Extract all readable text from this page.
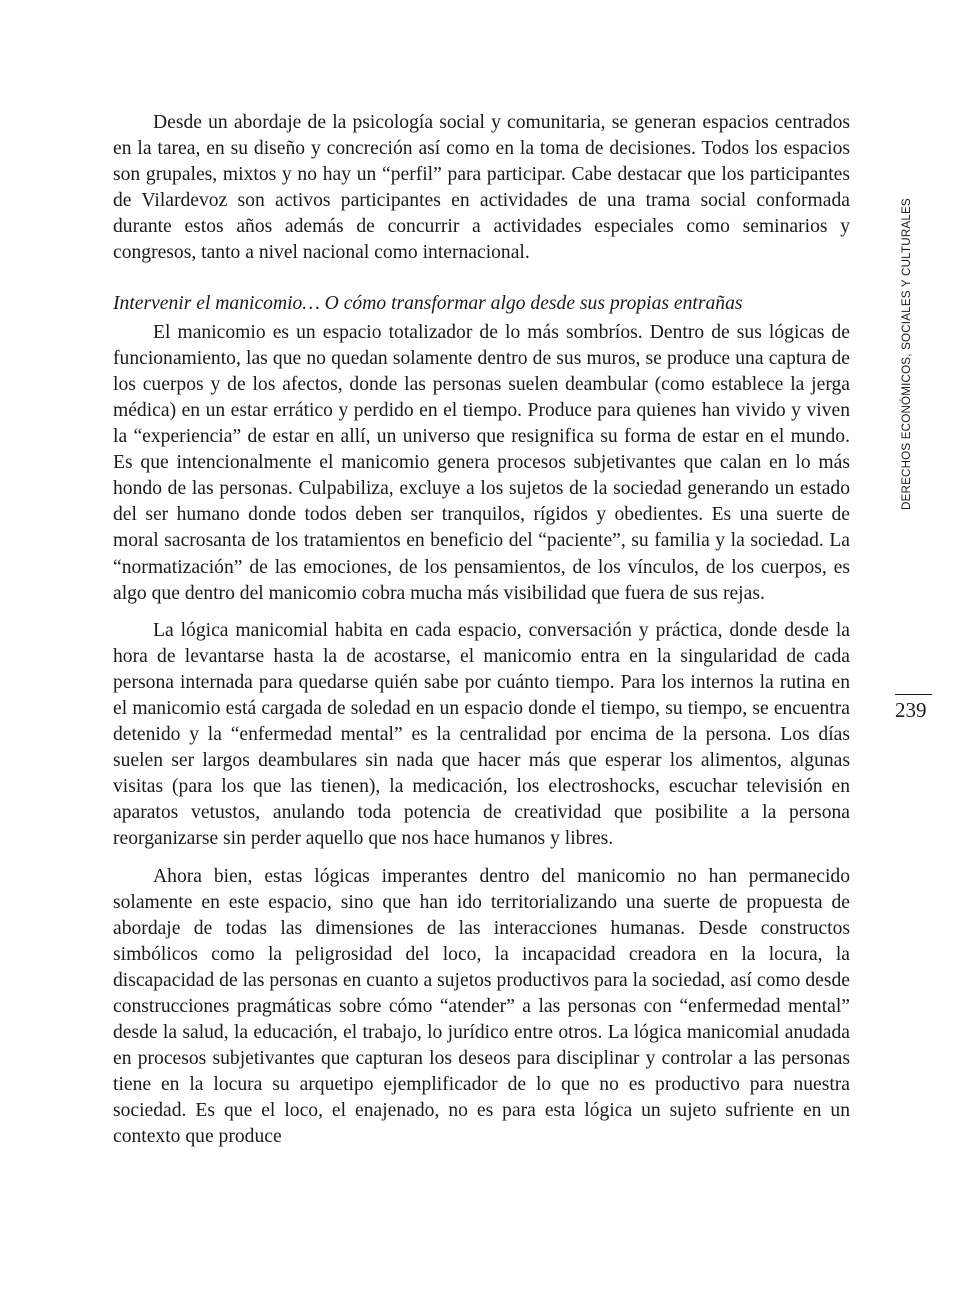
Desde un abordaje de la psicología social y comunitaria, se generan espacios centrados en la tarea, en su diseño y concreción así como en la toma de decisiones. Todos los espacios son grupales, mixtos y no hay un “perfil” para participar. Cabe destacar que los participantes de Vilardevoz son activos participantes en actividades de una trama social conformada durante estos años además de concurrir a actividades especiales como seminarios y congresos, tanto a nivel nacional como internacional.

Intervenir el manicomio… O cómo transformar algo desde sus propias entrañas

El manicomio es un espacio totalizador de lo más sombríos. Dentro de sus lógicas de funcionamiento, las que no quedan solamente dentro de sus muros, se produce una captura de los cuerpos y de los afectos, donde las personas suelen deambular (como establece la jerga médica) en un estar errático y perdido en el tiempo. Produce para quienes han vivido y viven la “experiencia” de estar en allí, un universo que resignifica su forma de estar en el mundo. Es que intencionalmente el manicomio genera procesos subjetivantes que calan en lo más hondo de las personas. Culpabiliza, excluye a los sujetos de la sociedad generando un estado del ser humano donde todos deben ser tranquilos, rígidos y obedientes. Es una suerte de moral sacrosanta de los tratamientos en beneficio del “paciente”, su familia y la sociedad. La “normatización” de las emociones, de los pensamientos, de los vínculos, de los cuerpos, es algo que dentro del manicomio cobra mucha más visibilidad que fuera de sus rejas.

La lógica manicomial habita en cada espacio, conversación y práctica, donde desde la hora de levantarse hasta la de acostarse, el manicomio entra en la singularidad de cada persona internada para quedarse quién sabe por cuánto tiempo. Para los internos la rutina en el manicomio está cargada de soledad en un espacio donde el tiempo, su tiempo, se encuentra detenido y la “enfermedad mental” es la centralidad por encima de la persona. Los días suelen ser largos deambulares sin nada que hacer más que esperar los alimentos, algunas visitas (para los que las tienen), la medicación, los electroshocks, escuchar televisión en aparatos vetustos, anulando toda potencia de creatividad que posibilite a la persona reorganizarse sin perder aquello que nos hace humanos y libres.

Ahora bien, estas lógicas imperantes dentro del manicomio no han permanecido solamente en este espacio, sino que han ido territorializando una suerte de propuesta de abordaje de todas las dimensiones de las interacciones humanas. Desde constructos simbólicos como la peligrosidad del loco, la incapacidad creadora en la locura, la discapacidad de las personas en cuanto a sujetos productivos para la sociedad, así como desde construcciones pragmáticas sobre cómo “atender” a las personas con “enfermedad mental” desde la salud, la educación, el trabajo, lo jurídico entre otros. La lógica manicomial anudada en procesos subjetivantes que capturan los deseos para disciplinar y controlar a las personas tiene en la locura su arquetipo ejemplificador de lo que no es productivo para nuestra sociedad. Es que el loco, el enajenado, no es para esta lógica un sujeto sufriente en un contexto que produce

DERECHOS ECONÓMICOS, SOCIALES Y CULTURALES
239
